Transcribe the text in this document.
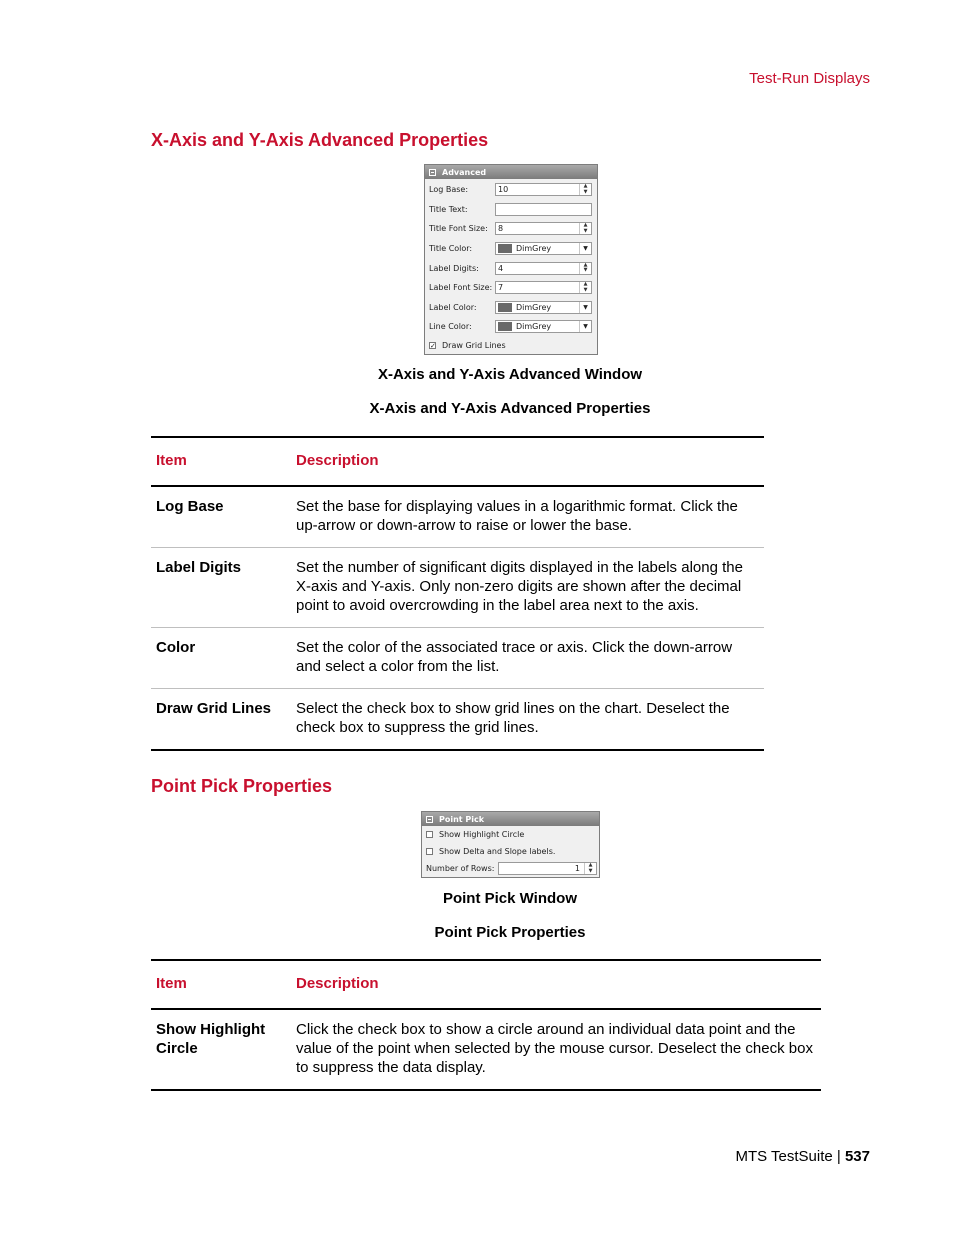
Test-Run Displays
X-Axis and Y-Axis Advanced Properties
Advanced
Log Base:	10	▲
▼
Title Text:
Title Font Size:	8	▲
▼
Title Color:	DimGrey	▼
Label Digits:	4	▲
▼
Label Font Size: 7	▲
▼
Label Color:	DimGrey	▼
Line Color:	DimGrey	▼
✓ Draw Grid Lines
X-Axis and Y-Axis Advanced Window
X-Axis and Y-Axis Advanced Properties
Item	Description
Log Base	Set the base for displaying values in a logarithmic format. Click the up-arrow or down-arrow to raise or lower the base.
Label Digits	Set the number of significant digits displayed in the labels along the X-axis and Y-axis. Only non-zero digits are shown after the decimal point to avoid overcrowding in the label area next to the axis.
Color	Set the color of the associated trace or axis. Click the down-arrow and select a color from the list.
Draw Grid Lines	Select the check box to show grid lines on the chart. Deselect the check box to suppress the grid lines.
Point Pick Properties
Point Pick
Show Highlight Circle
Show Delta and Slope labels.
Number of Rows:	1	▲
▼
Point Pick Window
Point Pick Properties
Item	Description
Show Highlight Circle	Click the check box to show a circle around an individual data point and the value of the point when selected by the mouse cursor. Deselect the check box to suppress the data display.
MTS TestSuite | 537
